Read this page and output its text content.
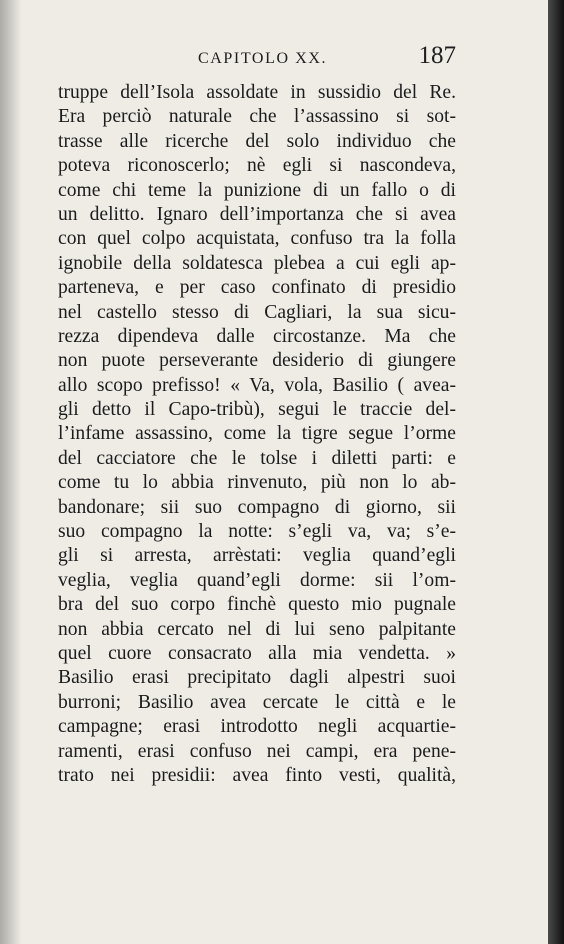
CAPITOLO XX.	187
truppe dell’Isola assoldate in sussidio del Re.
Era perciò naturale che l’assassino si sot-
trasse alle ricerche del solo individuo che
poteva riconoscerlo; nè egli si nascondeva,
come chi teme la punizione di un fallo o di
un delitto. Ignaro dell’importanza che si avea
con quel colpo acquistata, confuso tra la folla
ignobile della soldatesca plebea a cui egli ap-
parteneva, e per caso confinato di presidio
nel castello stesso di Cagliari, la sua sicu-
rezza dipendeva dalle circostanze. Ma che
non puote perseverante desiderio di giungere
allo scopo prefisso! « Va, vola, Basilio ( avea-
gli detto il Capo-tribù), segui le traccie del-
l’infame assassino, come la tigre segue l’orme
del cacciatore che le tolse i diletti parti: e
come tu lo abbia rinvenuto, più non lo ab-
bandonare; sii suo compagno di giorno, sii
suo compagno la notte: s’egli va, va; s’e-
gli si arresta, arrèstati: veglia quand’egli
veglia, veglia quand’egli dorme: sii l’om-
bra del suo corpo finchè questo mio pugnale
non abbia cercato nel di lui seno palpitante
quel cuore consacrato alla mia vendetta. »
Basilio erasi precipitato dagli alpestri suoi
burroni; Basilio avea cercate le città e le
campagne; erasi introdotto negli acquartie-
ramenti, erasi confuso nei campi, era pene-
trato nei presidii: avea finto vesti, qualità,
